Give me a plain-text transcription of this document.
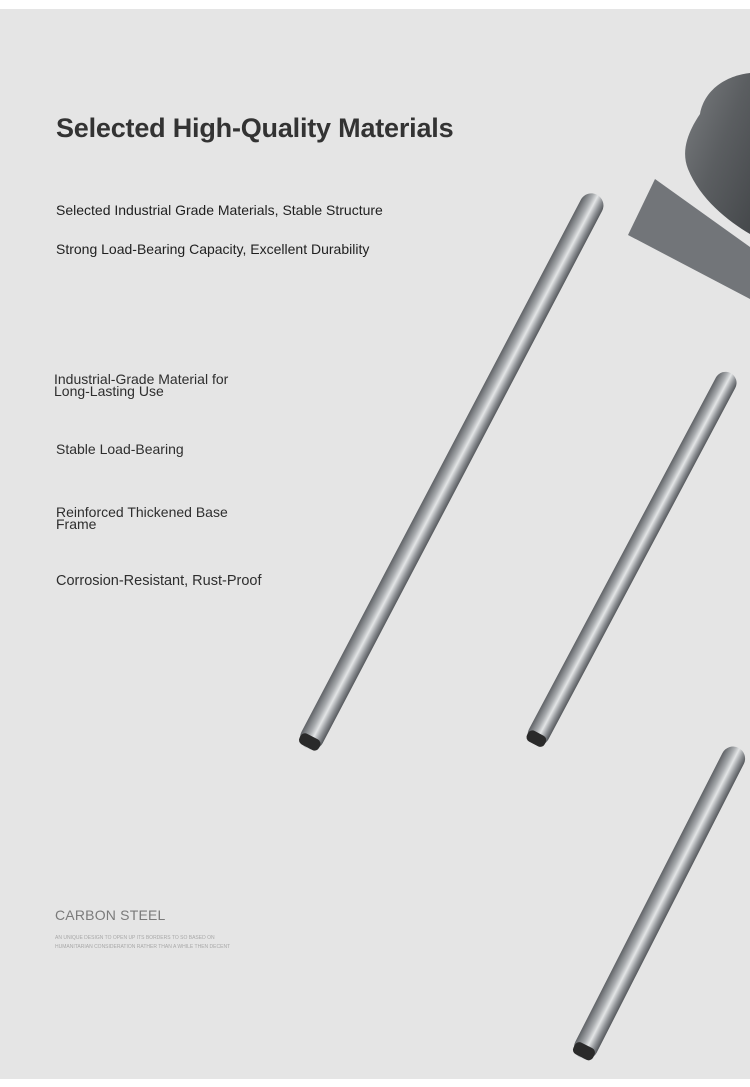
Selected High-Quality Materials

Selected Industrial Grade Materials, Stable Structure

Strong Load-Bearing Capacity, Excellent Durability

Industrial-Grade Material for Long-Lasting Use

Stable Load-Bearing

Reinforced Thickened Base Frame

Corrosion-Resistant, Rust-Proof

CARBON STEEL

AN UNIQUE DESIGN TO OPEN UP ITS BORDERS TO SO BASED ON HUMANITARIAN CONSIDERATION RATHER THAN A WHILE THEN DECENT
